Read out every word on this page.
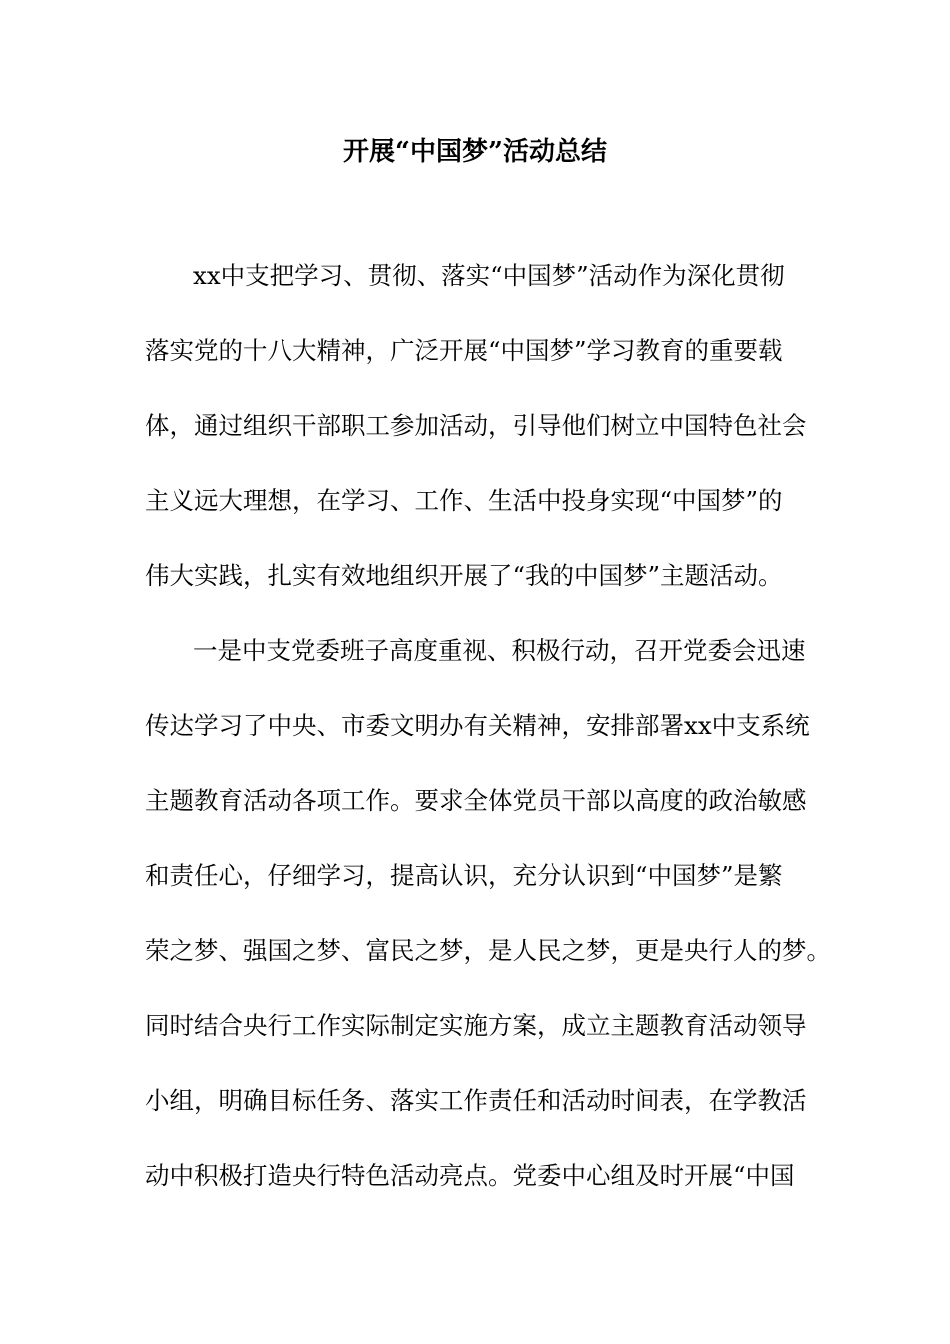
开展“中国梦”活动总结
xx中支把学习、贯彻、落实“中国梦”活动作为深化贯彻
落实党的十八大精神，广泛开展“中国梦”学习教育的重要载
体，通过组织干部职工参加活动，引导他们树立中国特色社会
主义远大理想，在学习、工作、生活中投身实现“中国梦”的
伟大实践，扎实有效地组织开展了“我的中国梦”主题活动。
一是中支党委班子高度重视、积极行动，召开党委会迅速
传达学习了中央、市委文明办有关精神，安排部署xx中支系统
主题教育活动各项工作。要求全体党员干部以高度的政治敏感
和责任心，仔细学习，提高认识，充分认识到“中国梦”是繁
荣之梦、强国之梦、富民之梦，是人民之梦，更是央行人的梦。
同时结合央行工作实际制定实施方案，成立主题教育活动领导
小组，明确目标任务、落实工作责任和活动时间表，在学教活
动中积极打造央行特色活动亮点。党委中心组及时开展“中国
